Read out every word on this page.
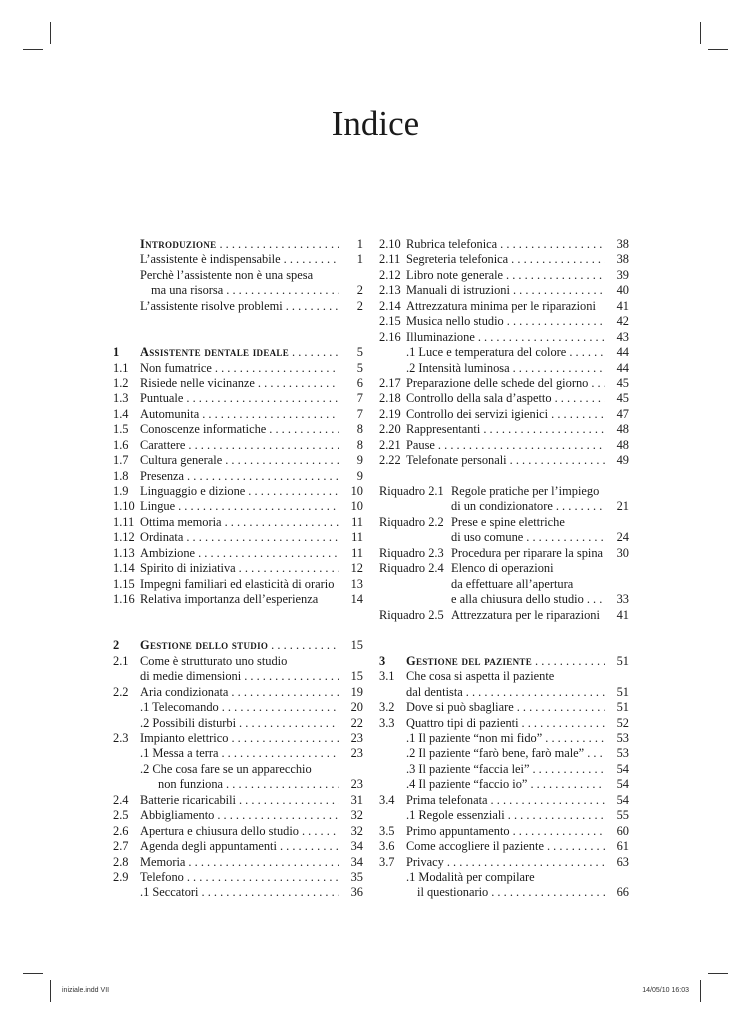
Indice
Introduzione . . .	1
L’assistente è indispensabile . . .	1
Perchè l’assistente non è una spesa
ma una risorsa . . .	2
L’assistente risolve problemi . . .	2
1	Assistente dentale ideale . . .	5
1.1 Non fumatrice . . .	5
1.2 Risiede nelle vicinanze . . .	6
1.3 Puntuale . . .	7
1.4 Automunita . . .	7
1.5 Conoscenze informatiche . . .	8
1.6 Carattere . . .	8
1.7 Cultura generale . . .	9
1.8 Presenza . . .	9
1.9 Linguaggio e dizione . . .	10
1.10 Lingue . . .	10
1.11 Ottima memoria . . .	11
1.12 Ordinata . . .	11
1.13 Ambizione . . .	11
1.14 Spirito di iniziativa . . .	12
1.15 Impegni familiari ed elasticità di orario	13
1.16 Relativa importanza dell’esperienza	14
2	Gestione dello studio . . .	15
2.1 Come è strutturato uno studio
di medie dimensioni . . .	15
2.2 Aria condizionata . . .	19
.1 Telecomando . . .	20
.2 Possibili disturbi . . .	22
2.3 Impianto elettrico . . .	23
.1 Messa a terra . . .	23
.2 Che cosa fare se un apparecchio
non funziona . . .	23
2.4 Batterie ricaricabili . . .	31
2.5 Abbigliamento . . .	32
2.6 Apertura e chiusura dello studio . . .	32
2.7 Agenda degli appuntamenti . . .	34
2.8 Memoria . . .	34
2.9 Telefono . . .	35
.1 Seccatori . . .	36
2.10 Rubrica telefonica . . .	38
2.11 Segreteria telefonica . . .	38
2.12 Libro note generale . . .	39
2.13 Manuali di istruzioni . . .	40
2.14 Attrezzatura minima per le riparazioni	41
2.15 Musica nello studio . . .	42
2.16 Illuminazione . . .	43
.1 Luce e temperatura del colore . . .	44
.2 Intensità luminosa . . .	44
2.17 Preparazione delle schede del giorno . . .	45
2.18 Controllo della sala d’aspetto . . .	45
2.19 Controllo dei servizi igienici . . .	47
2.20 Rappresentanti . . .	48
2.21 Pause . . .	48
2.22 Telefonate personali . . .	49
Riquadro 2.1 Regole pratiche per l’impiego
di un condizionatore . . .	21
Riquadro 2.2 Prese e spine elettriche
di uso comune . . .	24
Riquadro 2.3 Procedura per riparare la spina	30
Riquadro 2.4 Elenco di operazioni
da effettuare all’apertura
e alla chiusura dello studio . . .	33
Riquadro 2.5 Attrezzatura per le riparazioni	41
3	Gestione del paziente . . .	51
3.1 Che cosa si aspetta il paziente
dal dentista . . .	51
3.2 Dove si può sbagliare . . .	51
3.3 Quattro tipi di pazienti . . .	52
.1 Il paziente “non mi fido” . . .	53
.2 Il paziente “farò bene, farò male” . . .	53
.3 Il paziente “faccia lei” . . .	54
.4 Il paziente “faccio io” . . .	54
3.4 Prima telefonata . . .	54
.1 Regole essenziali . . .	55
3.5 Primo appuntamento . . .	60
3.6 Come accogliere il paziente . . .	61
3.7 Privacy . . .	63
.1 Modalità per compilare
il questionario . . .	66
iniziale.indd VII	14/05/10 16:03
